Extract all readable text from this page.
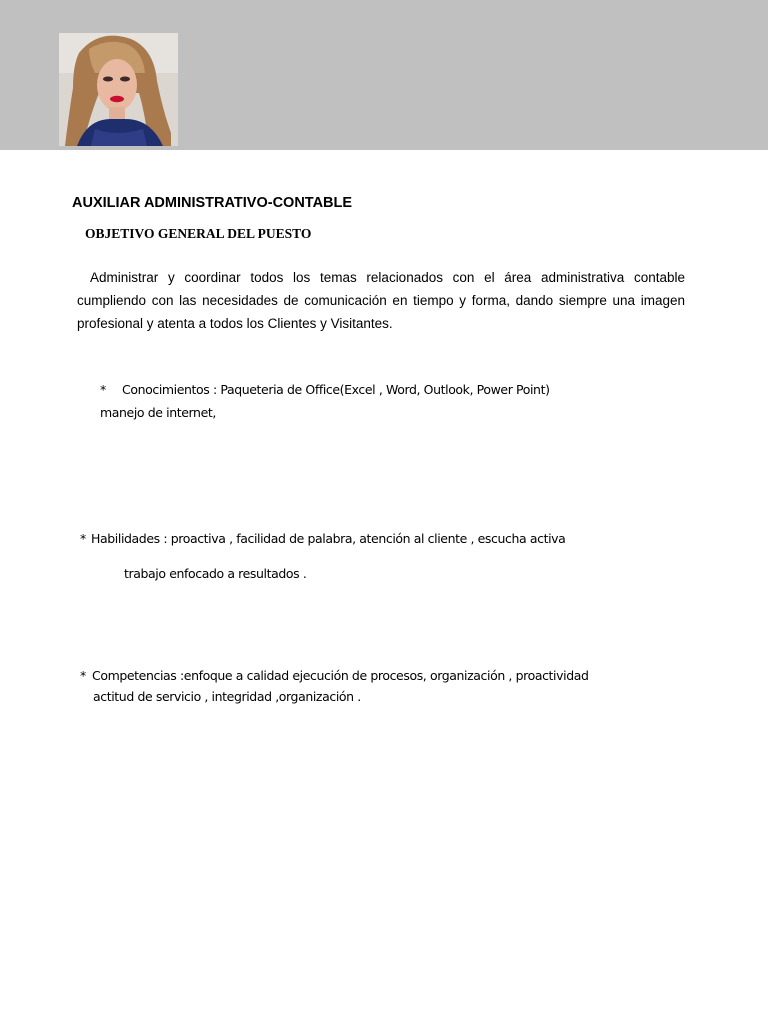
AUXILIAR ADMINISTRATIVO-CONTABLE
OBJETIVO GENERAL DEL PUESTO
Administrar y coordinar todos los temas relacionados con el área administrativa contable cumpliendo con las necesidades de comunicación en tiempo y forma, dando siempre una imagen profesional y atenta a todos los Clientes y Visitantes.
* Conocimientos : Paqueteria de Office(Excel , Word, Outlook, Power Point)
manejo de internet,
* Habilidades : proactiva , facilidad de palabra, atención al cliente , escucha activa
trabajo enfocado a resultados .
* Competencias :enfoque a calidad ejecución de procesos, organización , proactividad
actitud de servicio , integridad ,organización .
